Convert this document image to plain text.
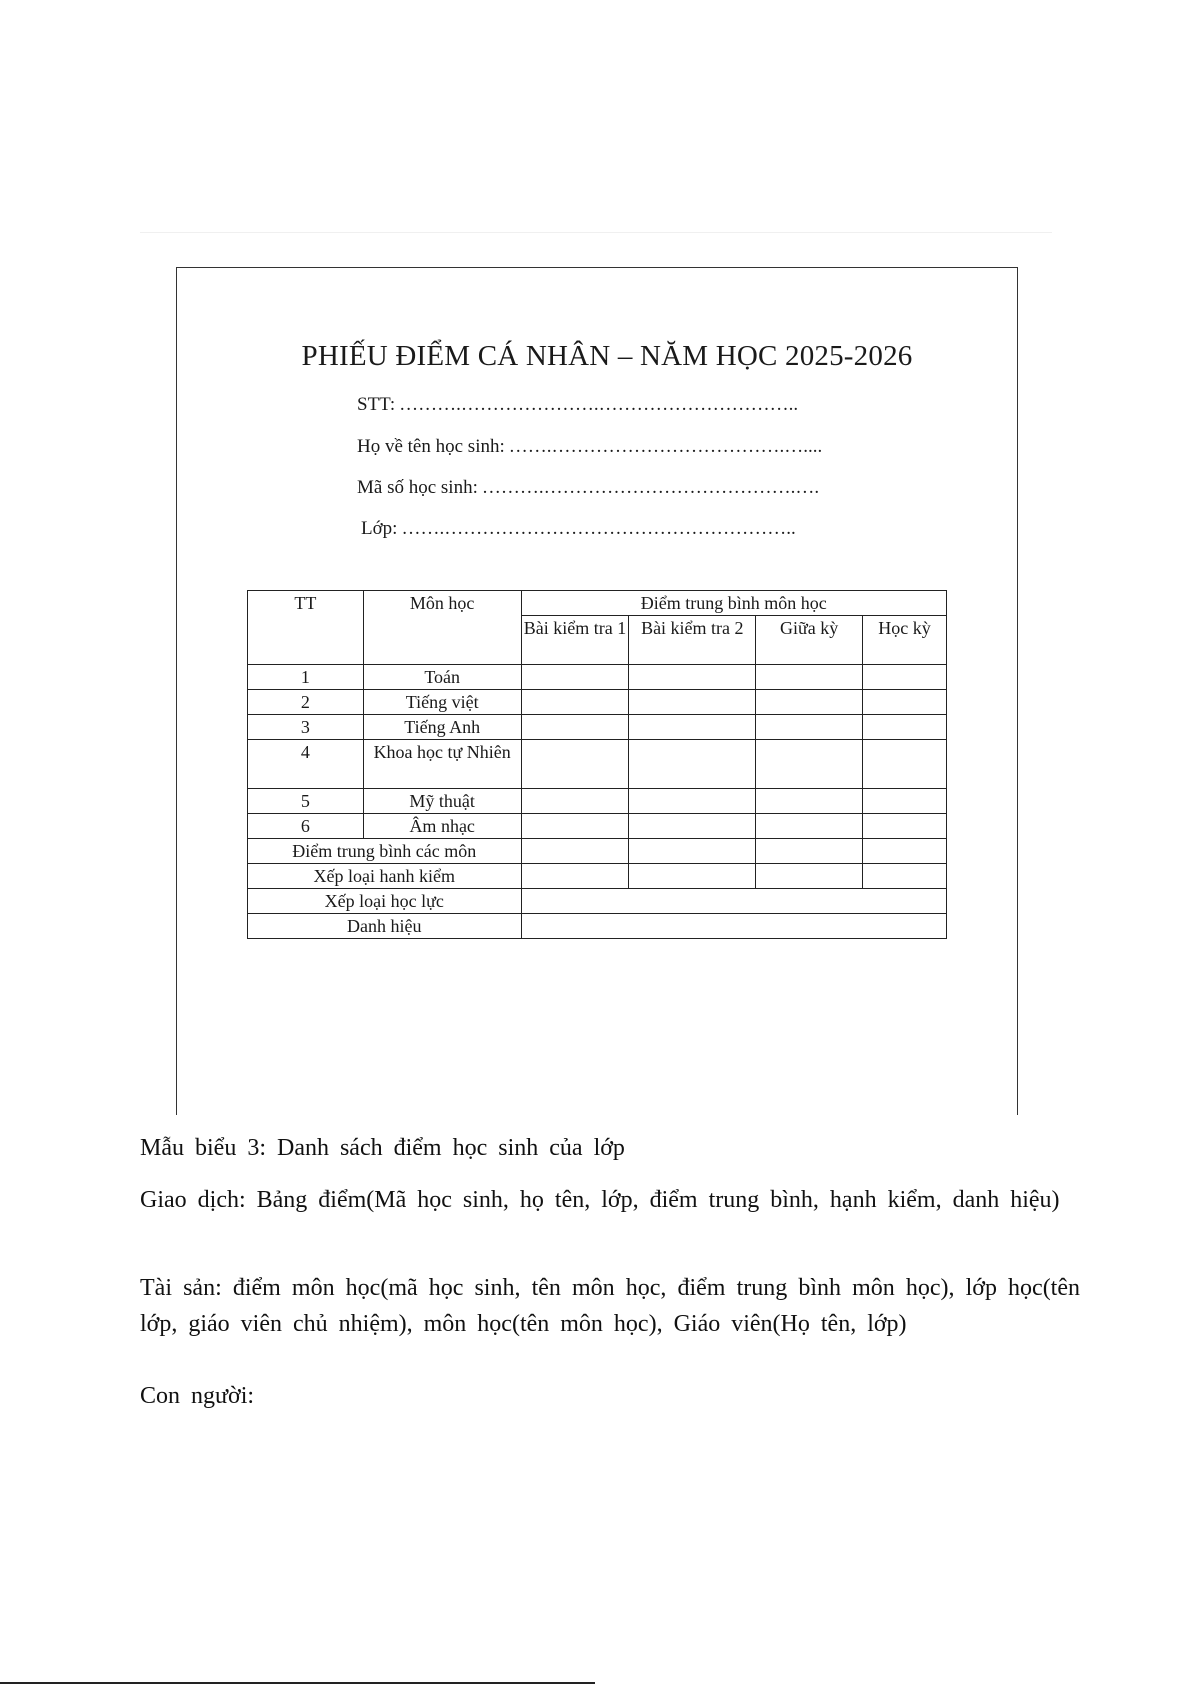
PHIẾU ĐIỂM CÁ NHÂN – NĂM HỌC 2025-2026
STT: ……….………………….…………………………..
Họ về tên học sinh: …….……………………………….…....
Mã số học sinh: ……….………………………………….….
Lớp: …….………………………………………………..
TT	Môn học	Điểm trung bình môn học			
		Bài kiểm tra 1	Bài kiểm tra 2	Giữa kỳ	Học kỳ
1	Toán				
2	Tiếng việt				
3	Tiếng Anh				
4	Khoa học tự Nhiên				
5	Mỹ thuật				
6	Âm nhạc				
Điểm trung bình các môn					
Xếp loại hanh kiểm					
Xếp loại học lực					
Danh hiệu					
Mẫu biểu 3: Danh sách điểm học sinh của lớp
Giao dịch: Bảng điểm(Mã học sinh, họ tên, lớp, điểm trung bình, hạnh kiểm, danh hiệu)
Tài sản: điểm môn học(mã học sinh, tên môn học, điểm trung bình môn học), lớp học(tên lớp, giáo viên chủ nhiệm), môn học(tên môn học), Giáo viên(Họ tên, lớp)
Con người:
